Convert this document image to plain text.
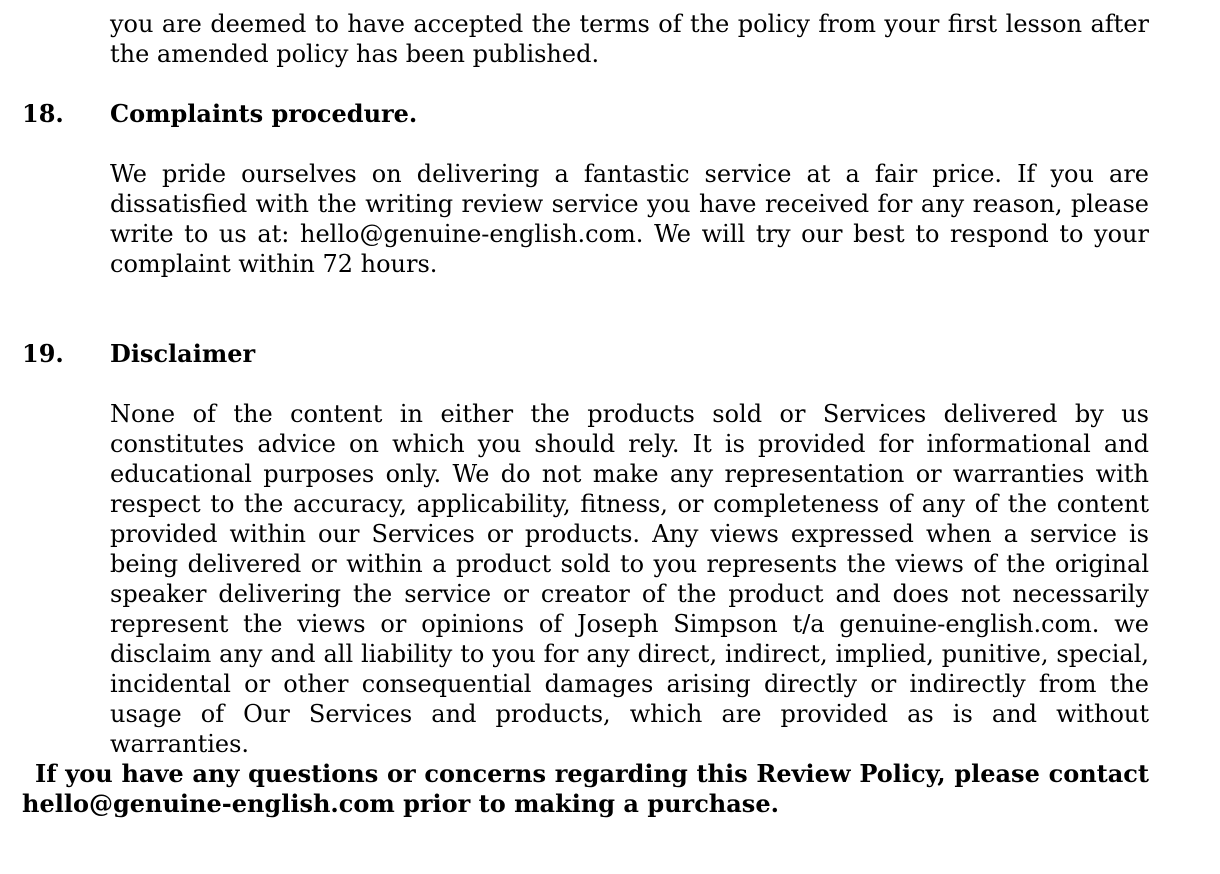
you are deemed to have accepted the terms of the policy from your first lesson after the amended policy has been published.

18. Complaints procedure.

We pride ourselves on delivering a fantastic service at a fair price. If you are dissatisfied with the writing review service you have received for any reason, please write to us at: hello@genuine-english.com. We will try our best to respond to your complaint within 72 hours.

19. Disclaimer

None of the content in either the products sold or Services delivered by us constitutes advice on which you should rely. It is provided for informational and educational purposes only. We do not make any representation or warranties with respect to the accuracy, applicability, fitness, or completeness of any of the content provided within our Services or products. Any views expressed when a service is being delivered or within a product sold to you represents the views of the original speaker delivering the service or creator of the product and does not necessarily represent the views or opinions of Joseph Simpson t/a genuine-english.com. we disclaim any and all liability to you for any direct, indirect, implied, punitive, special, incidental or other consequential damages arising directly or indirectly from the usage of Our Services and products, which are provided as is and without warranties.

If you have any questions or concerns regarding this Review Policy, please contact hello@genuine-english.com prior to making a purchase.
